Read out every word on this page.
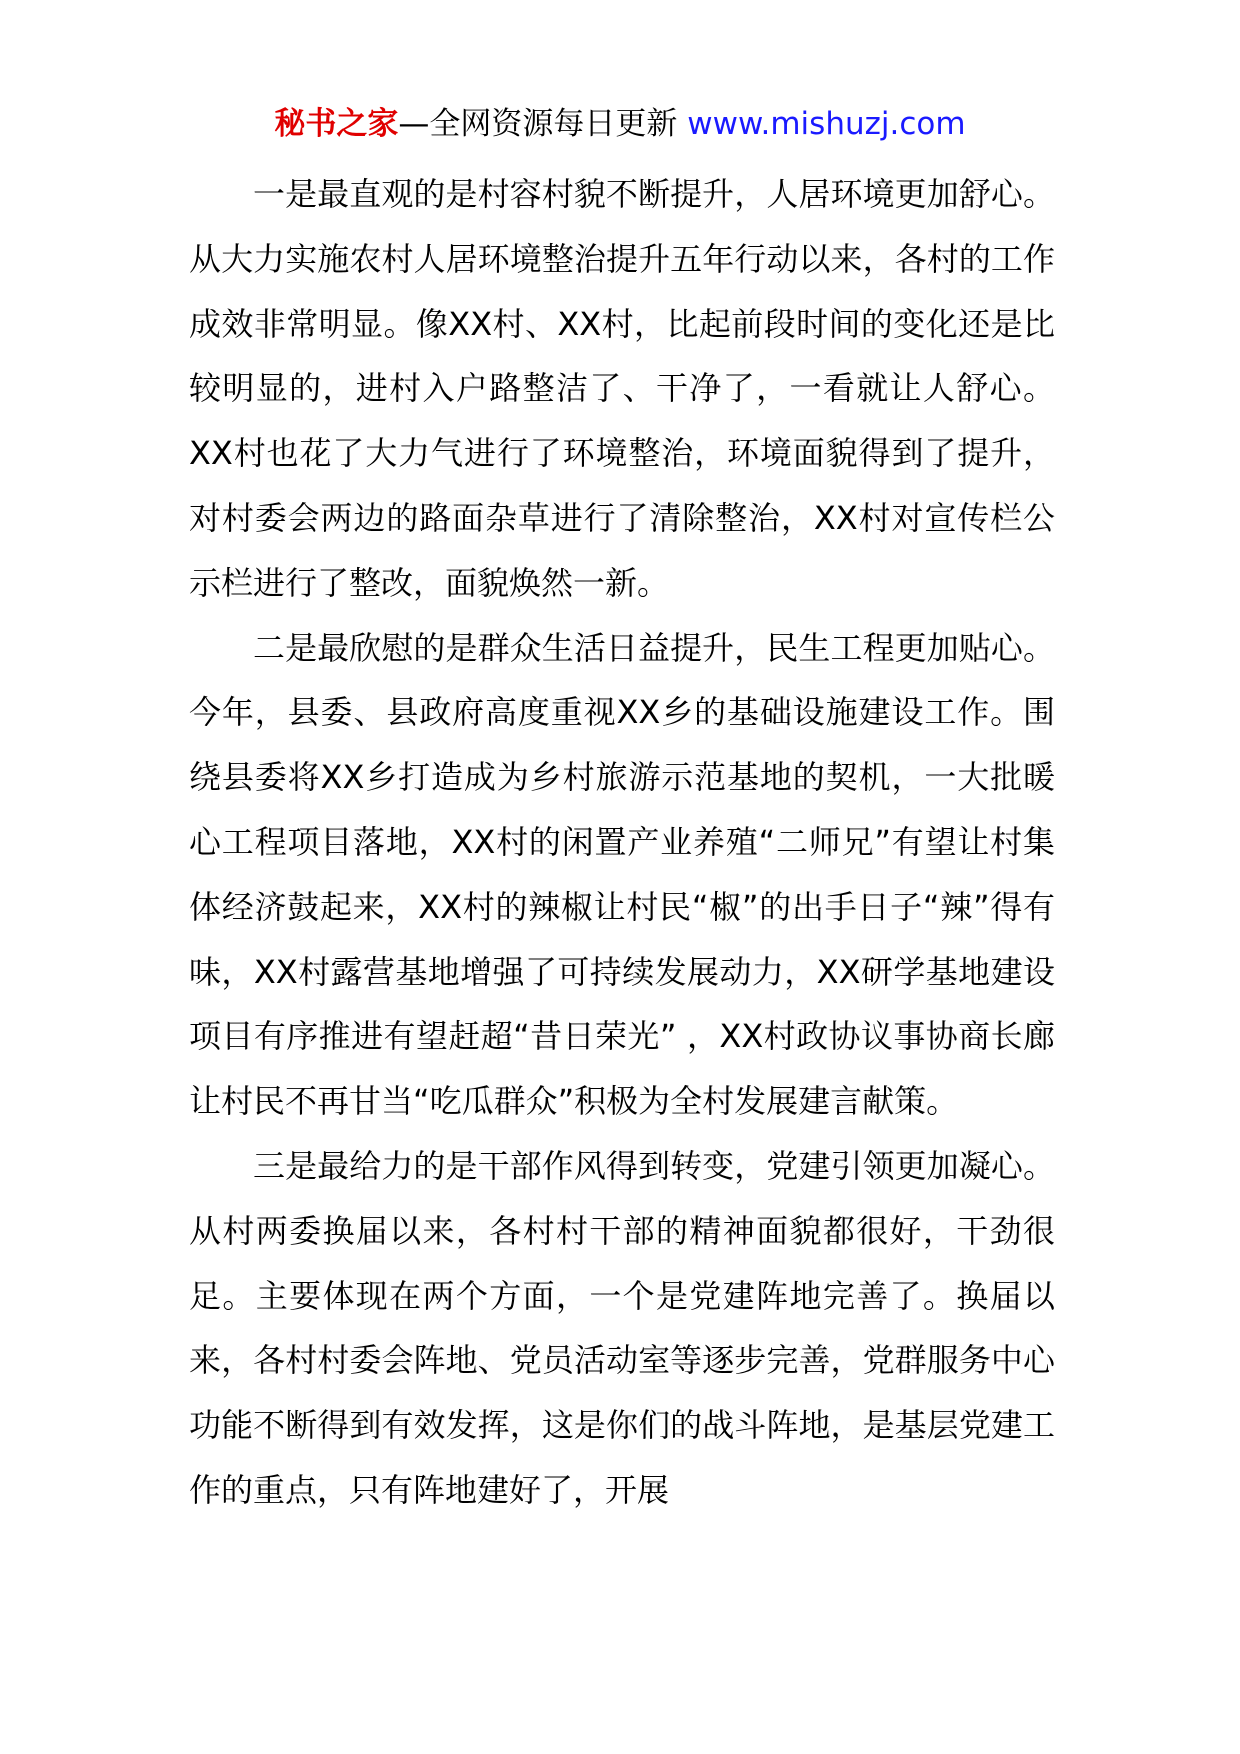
秘书之家—全网资源每日更新 www.mishuzj.com

一是最直观的是村容村貌不断提升，人居环境更加舒心。从大力实施农村人居环境整治提升五年行动以来，各村的工作成效非常明显。像XX村、XX村，比起前段时间的变化还是比较明显的，进村入户路整洁了、干净了，一看就让人舒心。XX村也花了大力气进行了环境整治，环境面貌得到了提升，对村委会两边的路面杂草进行了清除整治，XX村对宣传栏公示栏进行了整改，面貌焕然一新。

二是最欣慰的是群众生活日益提升，民生工程更加贴心。今年，县委、县政府高度重视XX乡的基础设施建设工作。围绕县委将XX乡打造成为乡村旅游示范基地的契机，一大批暖心工程项目落地，XX村的闲置产业养殖“二师兄”有望让村集体经济鼓起来，XX村的辣椒让村民“椒”的出手日子“辣”得有味，XX村露营基地增强了可持续发展动力，XX研学基地建设项目有序推进有望赶超“昔日荣光” ，XX村政协议事协商长廊让村民不再甘当“吃瓜群众”积极为全村发展建言献策。

三是最给力的是干部作风得到转变，党建引领更加凝心。从村两委换届以来，各村村干部的精神面貌都很好，干劲很足。主要体现在两个方面，一个是党建阵地完善了。换届以来，各村村委会阵地、党员活动室等逐步完善，党群服务中心功能不断得到有效发挥，这是你们的战斗阵地，是基层党建工作的重点，只有阵地建好了，开展
